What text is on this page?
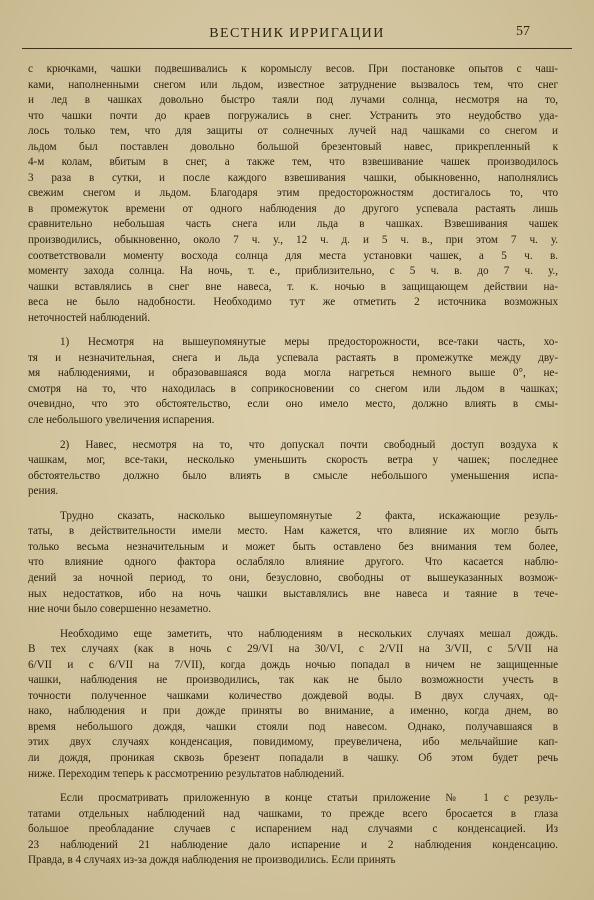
ВЕСТНИК ИРРИГАЦИИ	57

с крючками, чашки подвешивались к коромыслу весов. При постановке опытов с чаш-
ками, наполненными снегом или льдом, известное затруднение вызвалось тем, что снег
и лед в чашках довольно быстро таяли под лучами солнца, несмотря на то,
что чашки почти до краев погружались в снег. Устранить это неудобство уда-
лось только тем, что для защиты от солнечных лучей над чашками со снегом и
льдом был поставлен довольно большой брезентовый навес, прикрепленный к
4-м колам, вбитым в снег, а также тем, что взвешивание чашек производилось
3 раза в сутки, и после каждого взвешивания чашки, обыкновенно, наполнялись
свежим снегом и льдом. Благодаря этим предосторожностям достигалось то, что
в промежуток времени от одного наблюдения до другого успевала растаять лишь
сравнительно небольшая часть снега или льда в чашках. Взвешивания чашек
производились, обыкновенно, около 7 ч. у., 12 ч. д. и 5 ч. в., при этом 7 ч. у.
соответствовали моменту восхода солнца для места установки чашек, а 5 ч. в.
моменту захода солнца. На ночь, т. е., приблизительно, с 5 ч. в. до 7 ч. у.,
чашки вставлялись в снег вне навеса, т. к. ночью в защищающем действии на-
веса не было надобности. Необходимо тут же отметить 2 источника возможных
неточностей наблюдений.

1) Несмотря на вышеупомянутые меры предосторожности, все-таки часть, хо-
тя и незначительная, снега и льда успевала растаять в промежутке между дву-
мя наблюдениями, и образовавшаяся вода могла нагреться немного выше 0°, не-
смотря на то, что находилась в соприкосновении со снегом или льдом в чашках;
очевидно, что это обстоятельство, если оно имело место, должно влиять в смы-
сле небольшого увеличения испарения.

2) Навес, несмотря на то, что допускал почти свободный доступ воздуха к
чашкам, мог, все-таки, несколько уменьшить скорость ветра у чашек; последнее
обстоятельство должно было влиять в смысле небольшого уменьшения испа-
рения.

Трудно сказать, насколько вышеупомянутые 2 факта, искажающие резуль-
таты, в действительности имели место. Нам кажется, что влияние их могло быть
только весьма незначительным и может быть оставлено без внимания тем более,
что влияние одного фактора ослабляло влияние другого. Что касается наблю-
дений за ночной период, то они, безусловно, свободны от вышеуказанных возмож-
ных недостатков, ибо на ночь чашки выставлялись вне навеса и таяние в тече-
ние ночи было совершенно незаметно.

Необходимо еще заметить, что наблюдениям в нескольких случаях мешал дождь.
В тех случаях (как в ночь с 29/VI на 30/VI, с 2/VII на 3/VII, с 5/VII на
6/VII и с 6/VII на 7/VII), когда дождь ночью попадал в ничем не защищенные
чашки, наблюдения не производились, так как не было возможности учесть в
точности полученное чашками количество дождевой воды. В двух случаях, од-
нако, наблюдения и при дожде приняты во внимание, а именно, когда днем, во
время небольшого дождя, чашки стояли под навесом. Однако, получавшаяся в
этих двух случаях конденсация, повидимому, преувеличена, ибо мельчайшие кап-
ли дождя, проникая сквозь брезент попадали в чашку. Об этом будет речь
ниже. Переходим теперь к рассмотрению результатов наблюдений.

Если просматривать приложенную в конце статьи приложение № 1 с резуль-
татами отдельных наблюдений над чашками, то прежде всего бросается в глаза
большое преобладание случаев с испарением над случаями с конденсацией. Из
23 наблюдений 21 наблюдение дало испарение и 2 наблюдения конденсацию.
Правда, в 4 случаях из-за дождя наблюдения не производились. Если принять
